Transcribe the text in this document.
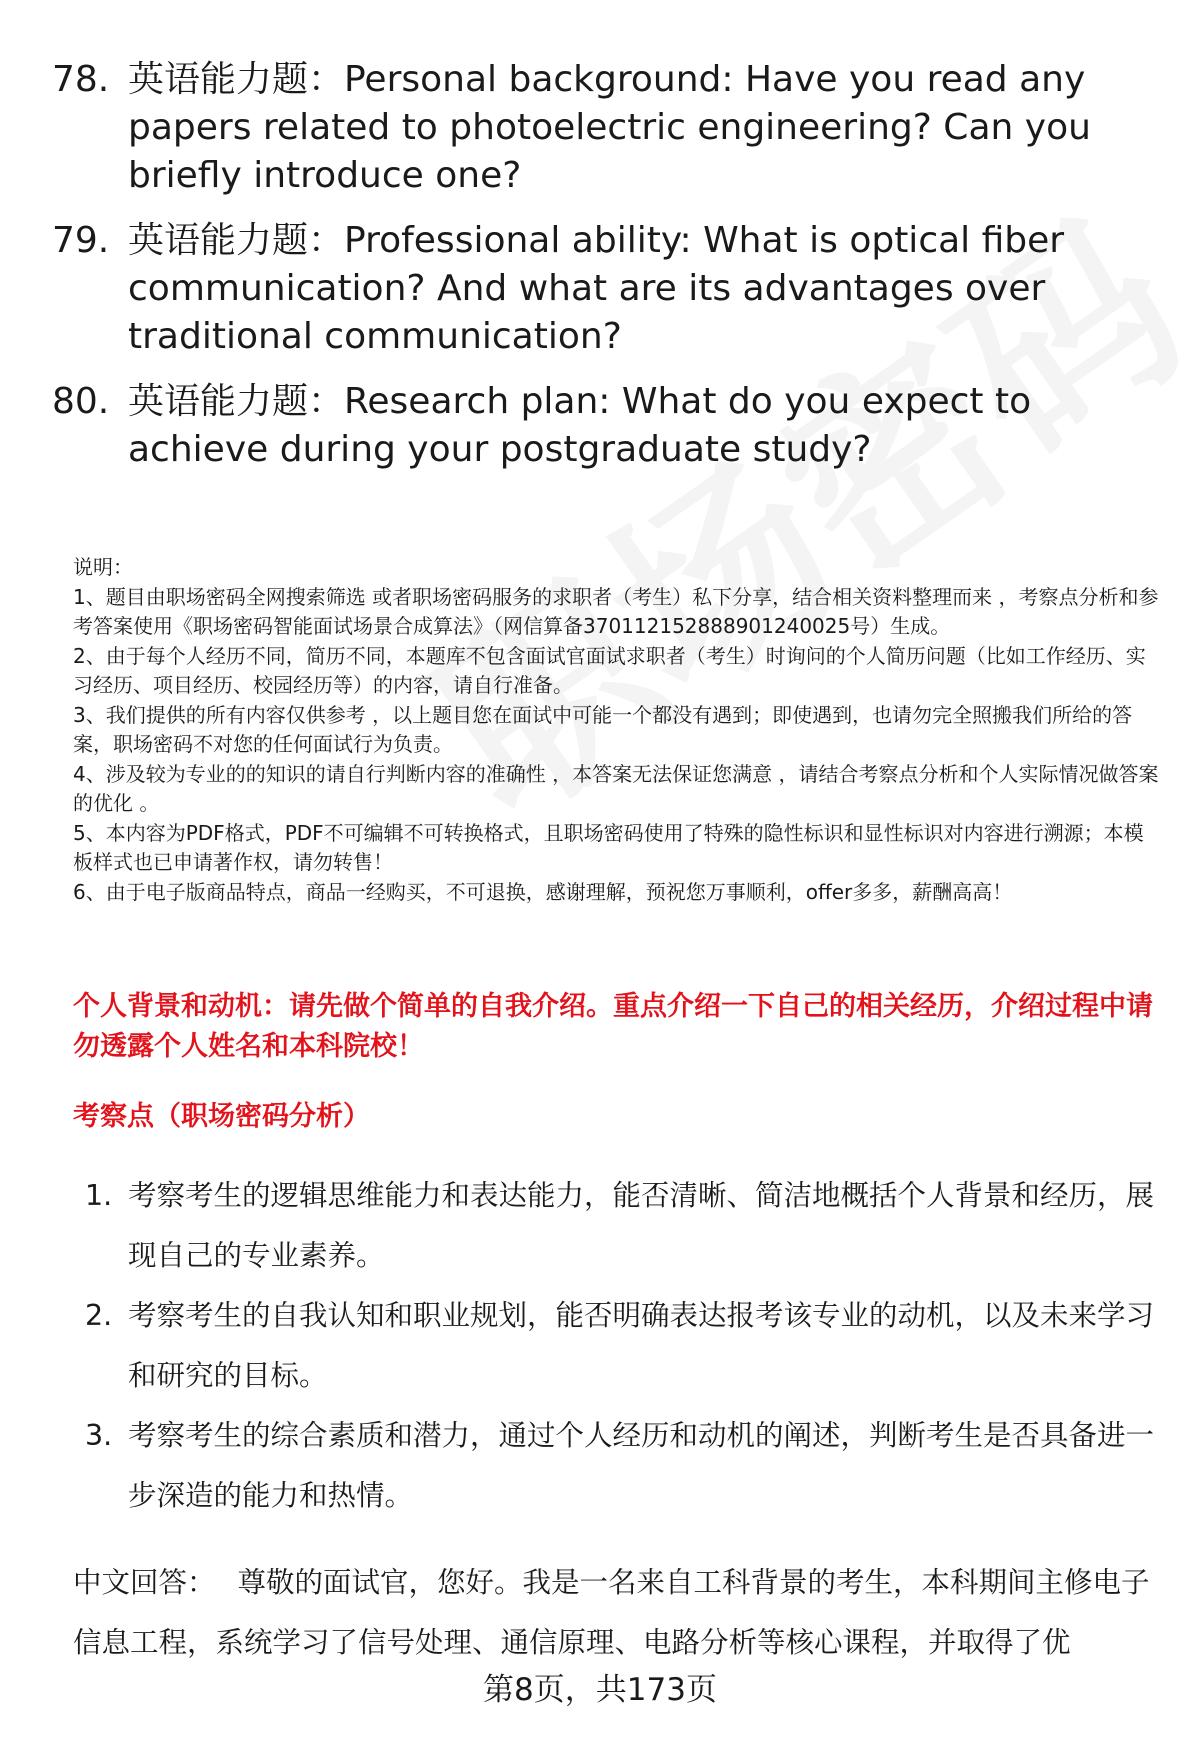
78. 英语能力题：Personal background: Have you read any papers related to photoelectric engineering? Can you briefly introduce one?
79. 英语能力题：Professional ability: What is optical fiber communication? And what are its advantages over traditional communication?
80. 英语能力题：Research plan: What do you expect to achieve during your postgraduate study?
说明：
1、题目由职场密码全网搜索筛选 或者职场密码服务的求职者（考生）私下分享，结合相关资料整理而来 ，考察点分析和参考答案使用《职场密码智能面试场景合成算法》（网信算备370112152888901240025号）生成。
2、由于每个人经历不同，简历不同，本题库不包含面试官面试求职者（考生）时询问的个人简历问题（比如工作经历、实习经历、项目经历、校园经历等）的内容，请自行准备。
3、我们提供的所有内容仅供参考 ，以上题目您在面试中可能一个都没有遇到；即使遇到，也请勿完全照搬我们所给的答案，职场密码不对您的任何面试行为负责。
4、涉及较为专业的的知识的请自行判断内容的准确性 ，本答案无法保证您满意 ，请结合考察点分析和个人实际情况做答案的优化 。
5、本内容为PDF格式，PDF不可编辑不可转换格式，且职场密码使用了特殊的隐性标识和显性标识对内容进行溯源；本模板样式也已申请著作权，请勿转售！
6、由于电子版商品特点，商品一经购买，不可退换，感谢理解，预祝您万事顺利，offer多多，薪酬高高！
个人背景和动机：请先做个简单的自我介绍。重点介绍一下自己的相关经历，介绍过程中请勿透露个人姓名和本科院校！
考察点（职场密码分析）
1. 考察考生的逻辑思维能力和表达能力，能否清晰、简洁地概括个人背景和经历，展现自己的专业素养。
2. 考察考生的自我认知和职业规划，能否明确表达报考该专业的动机，以及未来学习和研究的目标。
3. 考察考生的综合素质和潜力，通过个人经历和动机的阐述，判断考生是否具备进一步深造的能力和热情。
中文回答： 尊敬的面试官，您好。我是一名来自工科背景的考生，本科期间主修电子信息工程，系统学习了信号处理、通信原理、电路分析等核心课程，并取得了优
第8页，共173页
